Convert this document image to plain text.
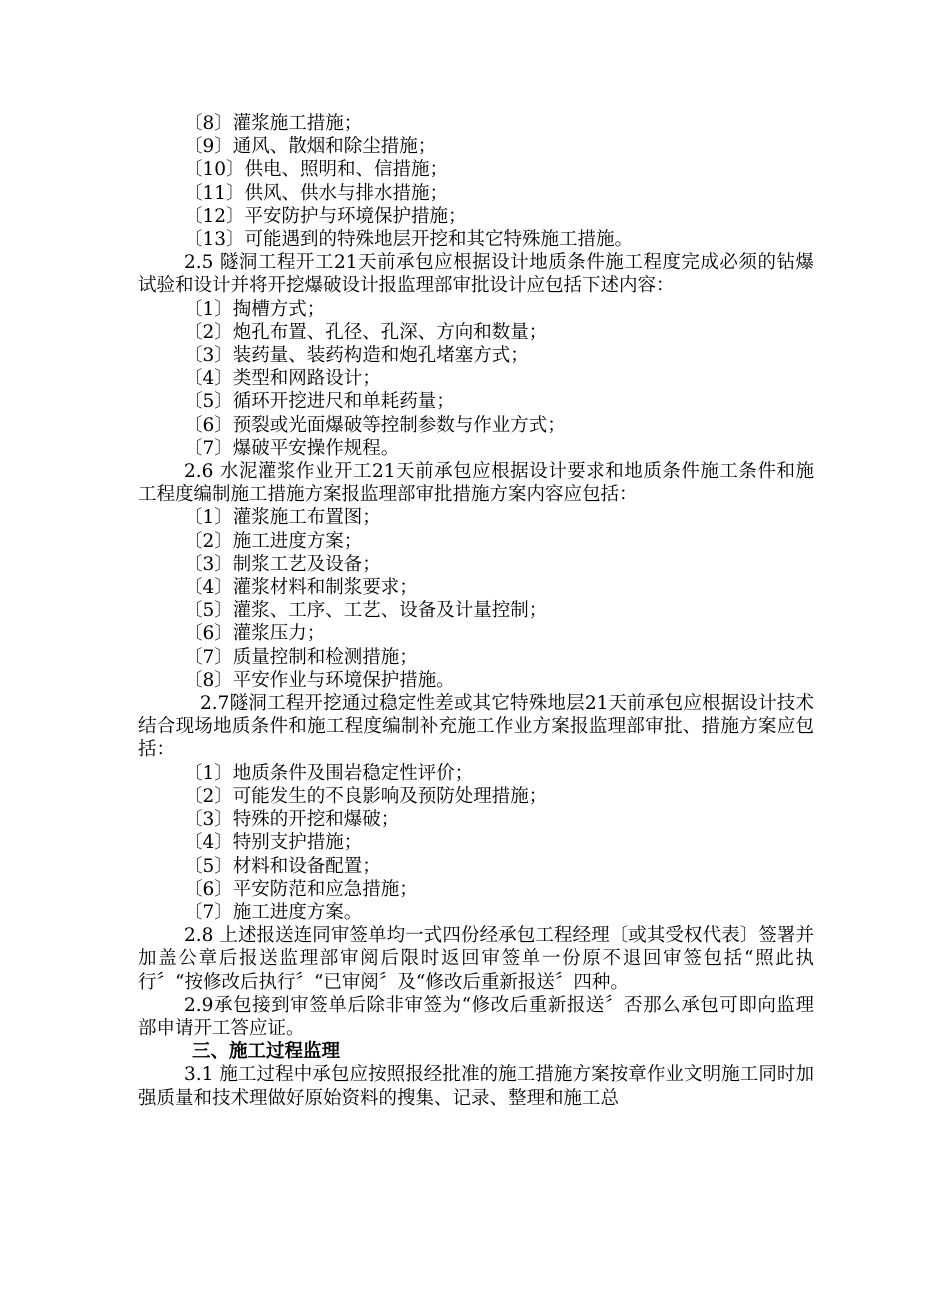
〔8〕灌浆施工措施；
〔9〕通风、散烟和除尘措施；
〔10〕供电、照明和、信措施；
〔11〕供风、供水与排水措施；
〔12〕平安防护与环境保护措施；
〔13〕可能遇到的特殊地层开挖和其它特殊施工措施。
2.5 隧洞工程开工21天前承包应根据设计地质条件施工程度完成必须的钻爆试验和设计并将开挖爆破设计报监理部审批设计应包括下述内容：
〔1〕掏槽方式；
〔2〕炮孔布置、孔径、孔深、方向和数量；
〔3〕装药量、装药构造和炮孔堵塞方式；
〔4〕类型和网路设计；
〔5〕循环开挖进尺和单耗药量；
〔6〕预裂或光面爆破等控制参数与作业方式；
〔7〕爆破平安操作规程。
2.6 水泥灌浆作业开工21天前承包应根据设计要求和地质条件施工条件和施工程度编制施工措施方案报监理部审批措施方案内容应包括：
〔1〕灌浆施工布置图；
〔2〕施工进度方案；
〔3〕制浆工艺及设备；
〔4〕灌浆材料和制浆要求；
〔5〕灌浆、工序、工艺、设备及计量控制；
〔6〕灌浆压力；
〔7〕质量控制和检测措施；
〔8〕平安作业与环境保护措施。
2.7隧洞工程开挖通过稳定性差或其它特殊地层21天前承包应根据设计技术结合现场地质条件和施工程度编制补充施工作业方案报监理部审批、措施方案应包括：
〔1〕地质条件及围岩稳定性评价；
〔2〕可能发生的不良影响及预防处理措施；
〔3〕特殊的开挖和爆破；
〔4〕特别支护措施；
〔5〕材料和设备配置；
〔6〕平安防范和应急措施；
〔7〕施工进度方案。
2.8 上述报送连同审签单均一式四份经承包工程经理〔或其受权代表〕签署并加盖公章后报送监理部审阅后限时返回审签单一份原不退回审签包括“照此执行〞“按修改后执行〞“已审阅〞及“修改后重新报送〞四种。
2.9承包接到审签单后除非审签为“修改后重新报送〞否那么承包可即向监理部申请开工答应证。
三、施工过程监理
3.1 施工过程中承包应按照报经批准的施工措施方案按章作业文明施工同时加强质量和技术理做好原始资料的搜集、记录、整理和施工总
